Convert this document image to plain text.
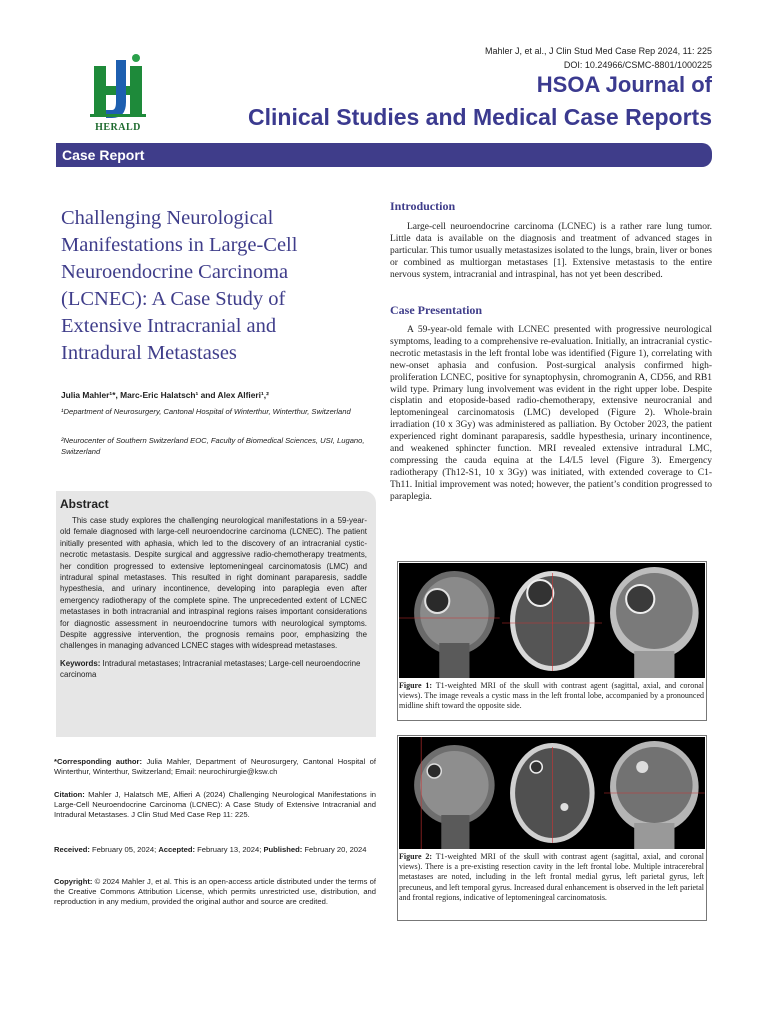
Mahler J, et al., J Clin Stud Med Case Rep 2024, 11: 225
DOI: 10.24966/CSMC-8801/1000225
HERALD
HSOA Journal of
Clinical Studies and Medical Case Reports
Case Report
Challenging Neurological Manifestations in Large-Cell Neuroendocrine Carcinoma (LCNEC): A Case Study of Extensive Intracranial and Intradural Metastases
Julia Mahler¹*, Marc-Eric Halatsch¹ and Alex Alfieri¹,²
¹Department of Neurosurgery, Cantonal Hospital of Winterthur, Winterthur, Switzerland
²Neurocenter of Southern Switzerland EOC, Faculty of Biomedical Sciences, USI, Lugano, Switzerland
Abstract
This case study explores the challenging neurological manifestations in a 59-year-old female diagnosed with large-cell neuroendocrine carcinoma (LCNEC). The patient initially presented with aphasia, which led to the discovery of an intracranial cystic-necrotic metastasis. Despite surgical and aggressive radio-chemotherapy treatments, her condition progressed to extensive leptomeningeal carcinomatosis (LMC) and intradural spinal metastases. This resulted in right dominant paraparesis, saddle hypesthesia, and urinary incontinence, developing into paraplegia even after emergency radiotherapy of the complete spine. The unprecedented extent of LCNEC metastases in both intracranial and intraspinal regions raises important considerations for diagnostic assessment in neuroendocrine tumors with neurological symptoms. Despite aggressive intervention, the prognosis remains poor, emphasizing the challenges in managing advanced LCNEC stages with widespread metastases.
Keywords: Intradural metastases; Intracranial metastases; Large-cell neuroendocrine carcinoma
*Corresponding author: Julia Mahler, Department of Neurosurgery, Cantonal Hospital of Winterthur, Winterthur, Switzerland; Email: neurochirurgie@ksw.ch
Citation: Mahler J, Halatsch ME, Alfieri A (2024) Challenging Neurological Manifestations in Large-Cell Neuroendocrine Carcinoma (LCNEC): A Case Study of Extensive Intracranial and Intradural Metastases. J Clin Stud Med Case Rep 11: 225.
Received: February 05, 2024; Accepted: February 13, 2024; Published: February 20, 2024
Copyright: © 2024 Mahler J, et al. This is an open-access article distributed under the terms of the Creative Commons Attribution License, which permits unrestricted use, distribution, and reproduction in any medium, provided the original author and source are credited.
Introduction
Large-cell neuroendocrine carcinoma (LCNEC) is a rather rare lung tumor. Little data is available on the diagnosis and treatment of advanced stages in particular. This tumor usually metastasizes isolated to the lungs, brain, liver or bones or combined as multiorgan metastases [1]. Extensive metastasis to the entire nervous system, intracranial and intraspinal, has not yet been described.
Case Presentation
A 59-year-old female with LCNEC presented with progressive neurological symptoms, leading to a comprehensive re-evaluation. Initially, an intracranial cystic-necrotic metastasis in the left frontal lobe was identified (Figure 1), correlating with new-onset aphasia and confusion. Post-surgical analysis confirmed high-proliferation LCNEC, positive for synaptophysin, chromogranin A, CD56, and RB1 wild type. Primary lung involvement was evident in the right upper lobe. Despite cisplatin and etoposide-based radio-chemotherapy, extensive neurocranial and leptomeningeal carcinomatosis (LMC) developed (Figure 2). Whole-brain irradiation (10 x 3Gy) was administered as palliation. By October 2023, the patient experienced right dominant paraparesis, saddle hypesthesia, urinary incontinence, and weakened sphincter function. MRI revealed extensive intradural LMC, compressing the cauda equina at the L4/L5 level (Figure 3). Emergency radiotherapy (Th12-S1, 10 x 3Gy) was initiated, with extended coverage to C1-Th11. Initial improvement was noted; however, the patient’s condition progressed to paraplegia.
Figure 1: T1-weighted MRI of the skull with contrast agent (sagittal, axial, and coronal views). The image reveals a cystic mass in the left frontal lobe, accompanied by a pronounced midline shift toward the opposite side.
Figure 2: T1-weighted MRI of the skull with contrast agent (sagittal, axial, and coronal views). There is a pre-existing resection cavity in the left frontal lobe. Multiple intracerebral metastases are noted, including in the left frontal medial gyrus, left parietal gyrus, left precuneus, and left temporal gyrus. Increased dural enhancement is observed in the left parietal and frontal regions, indicative of leptomeningeal carcinomatosis.
